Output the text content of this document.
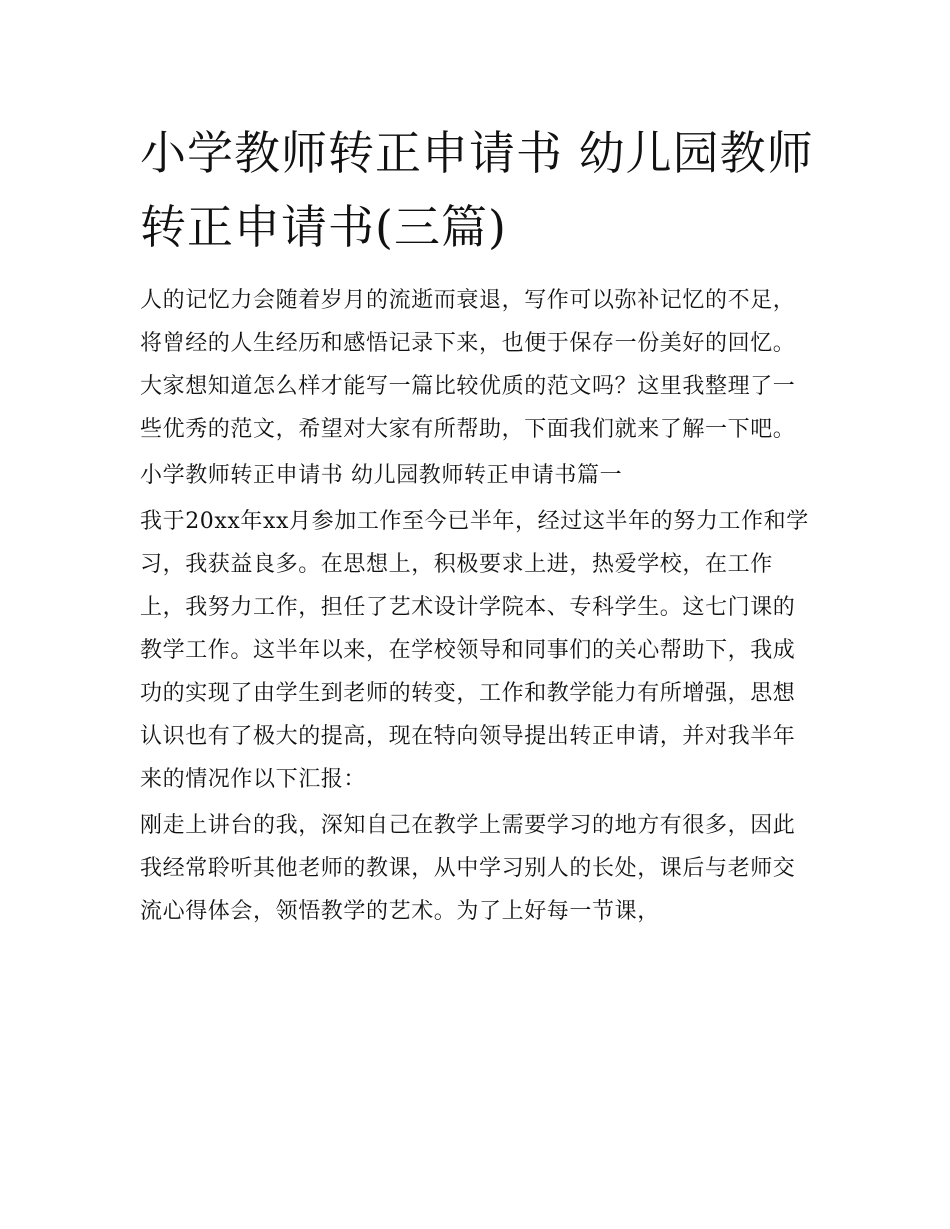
小学教师转正申请书 幼儿园教师转正申请书(三篇)

人的记忆力会随着岁月的流逝而衰退，写作可以弥补记忆的不足，将曾经的人生经历和感悟记录下来，也便于保存一份美好的回忆。大家想知道怎么样才能写一篇比较优质的范文吗？这里我整理了一些优秀的范文，希望对大家有所帮助，下面我们就来了解一下吧。

小学教师转正申请书 幼儿园教师转正申请书篇一

我于20xx年xx月参加工作至今已半年，经过这半年的努力工作和学习，我获益良多。在思想上，积极要求上进，热爱学校，在工作上，我努力工作，担任了艺术设计学院本、专科学生。这七门课的教学工作。这半年以来，在学校领导和同事们的关心帮助下，我成功的实现了由学生到老师的转变，工作和教学能力有所增强，思想认识也有了极大的提高，现在特向领导提出转正申请，并对我半年来的情况作以下汇报：

刚走上讲台的我，深知自己在教学上需要学习的地方有很多，因此我经常聆听其他老师的教课，从中学习别人的长处，课后与老师交流心得体会，领悟教学的艺术。为了上好每一节课，
